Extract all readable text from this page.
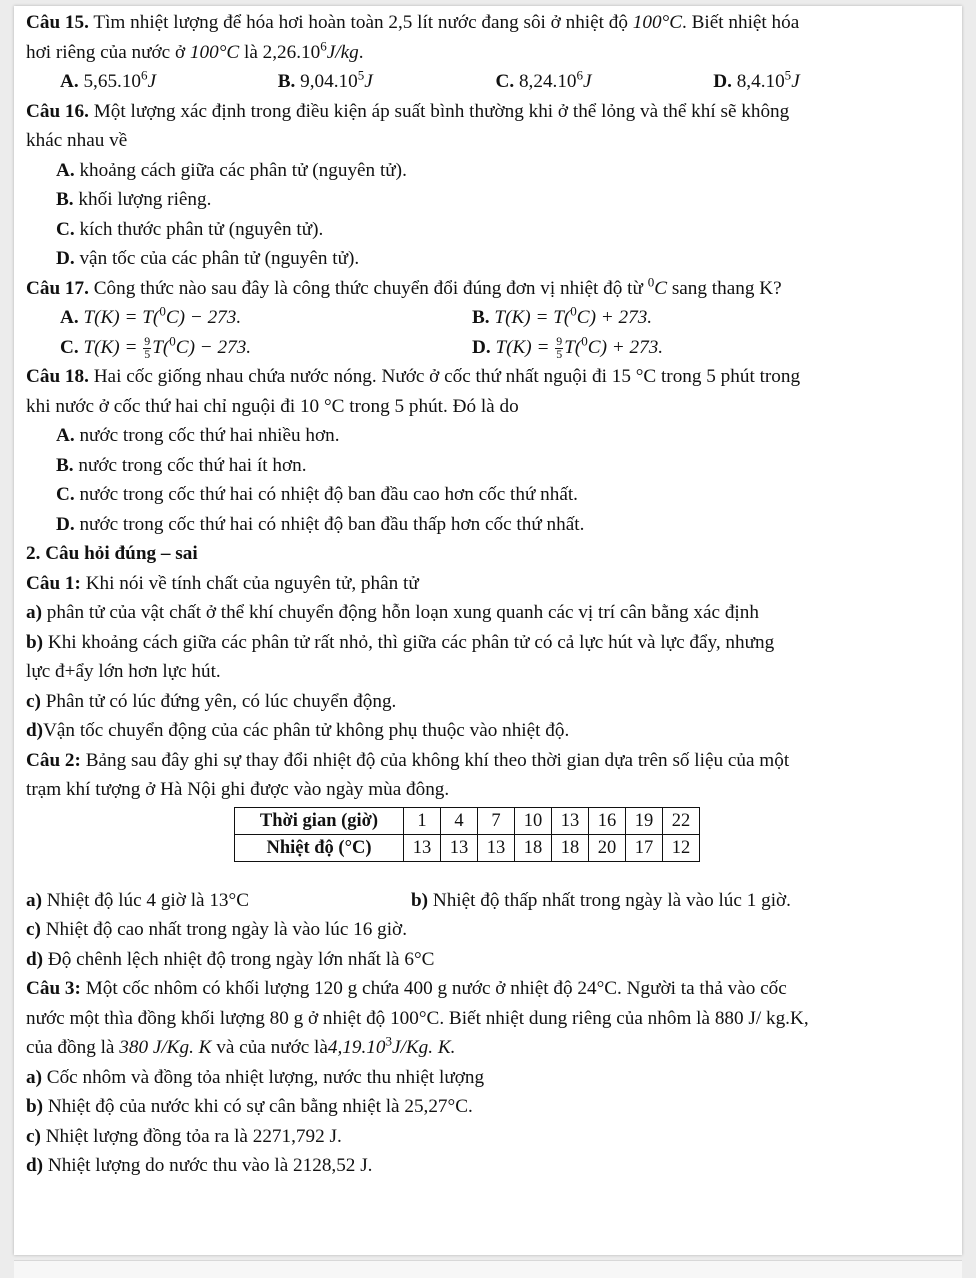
Câu 15. Tìm nhiệt lượng để hóa hơi hoàn toàn 2,5 lít nước đang sôi ở nhiệt độ 100°C. Biết nhiệt hóa

hơi riêng của nước ở 100°C là 2,26.10$^6$J/kg.

A. 5,65.10$^6$J	B. 9,04.10$^5$J	C. 8,24.10$^6$J	D. 8,4.10$^5$J

Câu 16. Một lượng xác định trong điều kiện áp suất bình thường khi ở thể lỏng và thể khí sẽ không

khác nhau về

A. khoảng cách giữa các phân tử (nguyên tử).

B. khối lượng riêng.

C. kích thước phân tử (nguyên tử).

D. vận tốc của các phân tử (nguyên tử).

Câu 17. Công thức nào sau đây là công thức chuyển đổi đúng đơn vị nhiệt độ từ $^0$C sang thang K?

A. T(K) = T($^0$C) − 273.	B. T(K) = T($^0$C) + 273.
C. $T(K) = \frac{9}{5} T(^0C) - 273$.	D. $T(K) = \frac{9}{5} T(^0C) + 273$.

Câu 18. Hai cốc giống nhau chứa nước nóng. Nước ở cốc thứ nhất nguội đi 15 °C trong 5 phút trong

khi nước ở cốc thứ hai chỉ nguội đi 10 °C trong 5 phút. Đó là do

A. nước trong cốc thứ hai nhiều hơn.

B. nước trong cốc thứ hai ít hơn.

C. nước trong cốc thứ hai có nhiệt độ ban đầu cao hơn cốc thứ nhất.

D. nước trong cốc thứ hai có nhiệt độ ban đầu thấp hơn cốc thứ nhất.

2. Câu hỏi đúng – sai

Câu 1: Khi nói về tính chất của nguyên tử, phân tử

a) phân tử của vật chất ở thể khí chuyển động hỗn loạn xung quanh các vị trí cân bằng xác định

b) Khi khoảng cách giữa các phân tử rất nhỏ, thì giữa các phân tử có cả lực hút và lực đẩy, nhưng

lực đ+ẩy lớn hơn lực hút.

c) Phân tử có lúc đứng yên, có lúc chuyển động.

d)Vận tốc chuyển động của các phân tử không phụ thuộc vào nhiệt độ.

Câu 2: Bảng sau đây ghi sự thay đổi nhiệt độ của không khí theo thời gian dựa trên số liệu của một

trạm khí tượng ở Hà Nội ghi được vào ngày mùa đông.

Thời gian (giờ)	1	4	7	10	13	16	19	22
Nhiệt độ (°C)	13	13	13	18	18	20	17	12
a) Nhiệt độ lúc 4 giờ là 13°C	b) Nhiệt độ thấp nhất trong ngày là vào lúc 1 giờ.

c) Nhiệt độ cao nhất trong ngày là vào lúc 16 giờ.

d) Độ chênh lệch nhiệt độ trong ngày lớn nhất là 6°C

Câu 3: Một cốc nhôm có khối lượng 120 g chứa 400 g nước ở nhiệt độ 24°C. Người ta thả vào cốc

nước một thìa đồng khối lượng 80 g ở nhiệt độ 100°C. Biết nhiệt dung riêng của nhôm là 880 J/ kg.K,

của đồng là 380 J/Kg. K và của nước là4,19.10$^3$J/Kg. K.

a) Cốc nhôm và đồng tỏa nhiệt lượng, nước thu nhiệt lượng

b) Nhiệt độ của nước khi có sự cân bằng nhiệt là 25,27°C.

c) Nhiệt lượng đồng tỏa ra là 2271,792 J.

d) Nhiệt lượng do nước thu vào là 2128,52 J.
